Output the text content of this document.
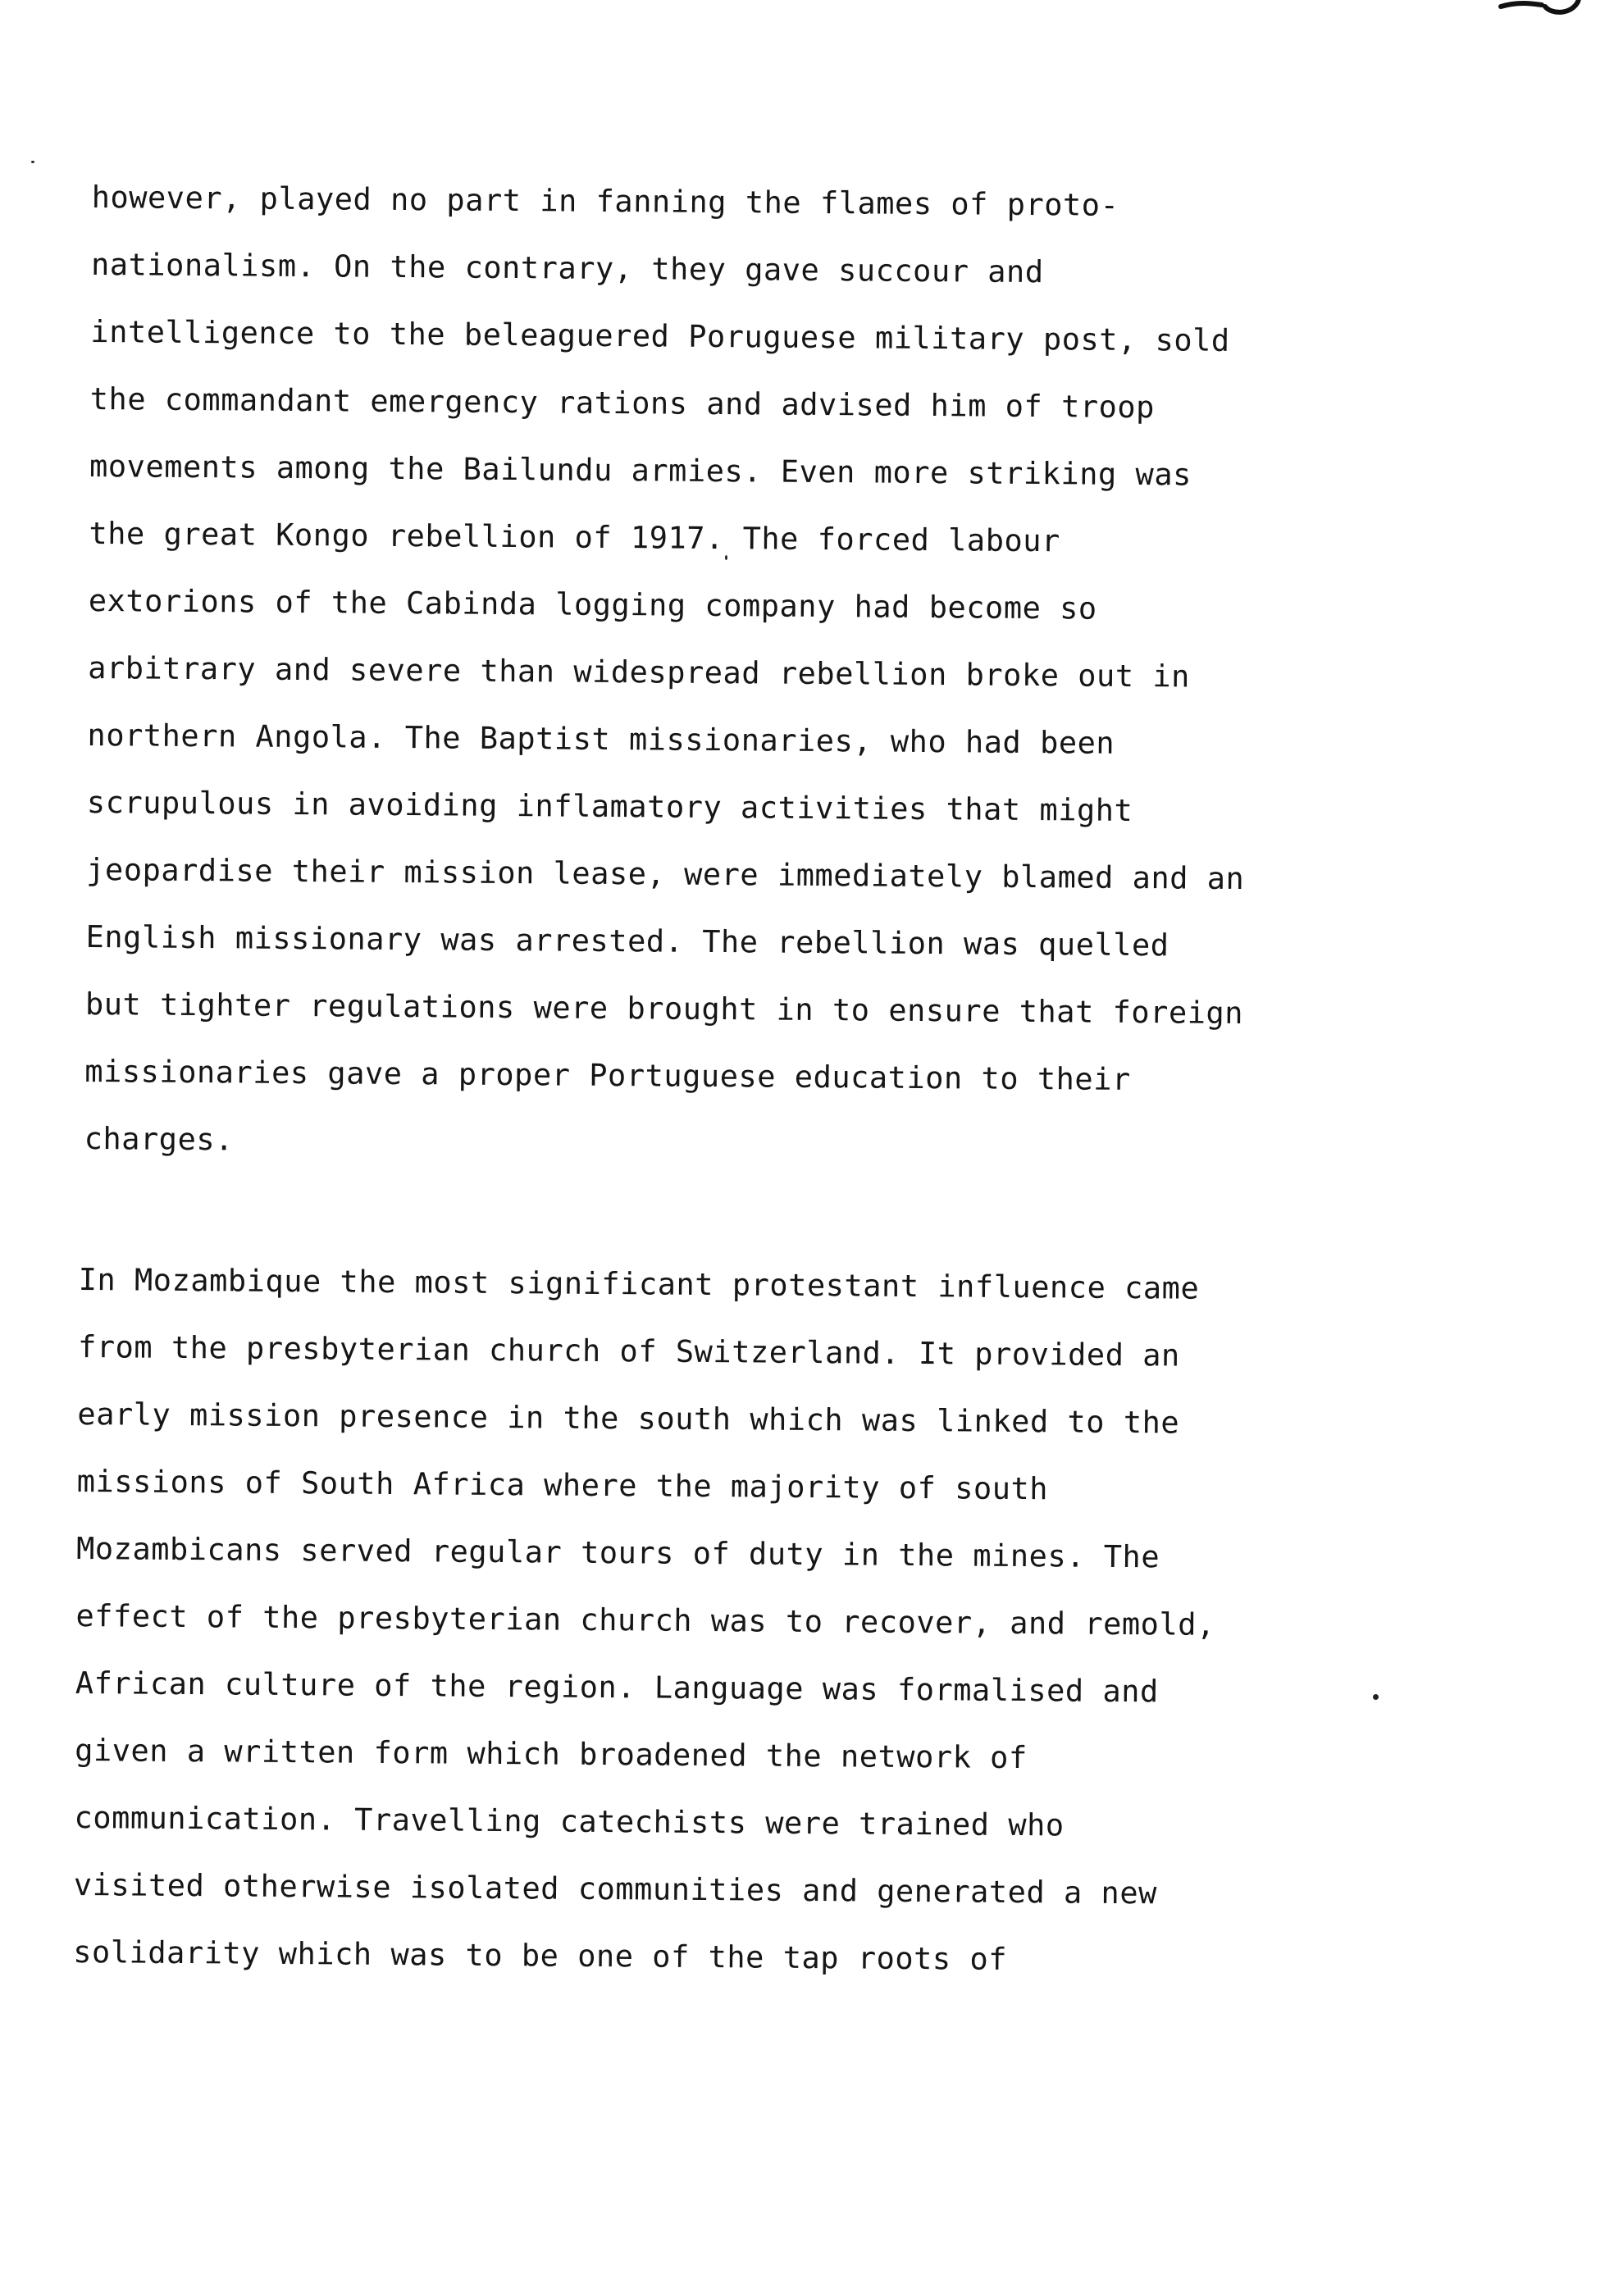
however, played no part in fanning the flames of proto-
nationalism. On the contrary, they gave succour and
intelligence to the beleaguered Poruguese military post, sold
the commandant emergency rations and advised him of troop
movements among the Bailundu armies. Even more striking was
the great Kongo rebellion of 1917. The forced labour
extorions of the Cabinda logging company had become so
arbitrary and severe than widespread rebellion broke out in
northern Angola. The Baptist missionaries, who had been
scrupulous in avoiding inflamatory activities that might
jeopardise their mission lease, were immediately blamed and an
English missionary was arrested. The rebellion was quelled
but tighter regulations were brought in to ensure that foreign
missionaries gave a proper Portuguese education to their
charges.

In Mozambique the most significant protestant influence came
from the presbyterian church of Switzerland. It provided an
early mission presence in the south which was linked to the
missions of South Africa where the majority of south
Mozambicans served regular tours of duty in the mines. The
effect of the presbyterian church was to recover, and remold,
African culture of the region. Language was formalised and
given a written form which broadened the network of
communication. Travelling catechists were trained who
visited otherwise isolated communities and generated a new
solidarity which was to be one of the tap roots of
